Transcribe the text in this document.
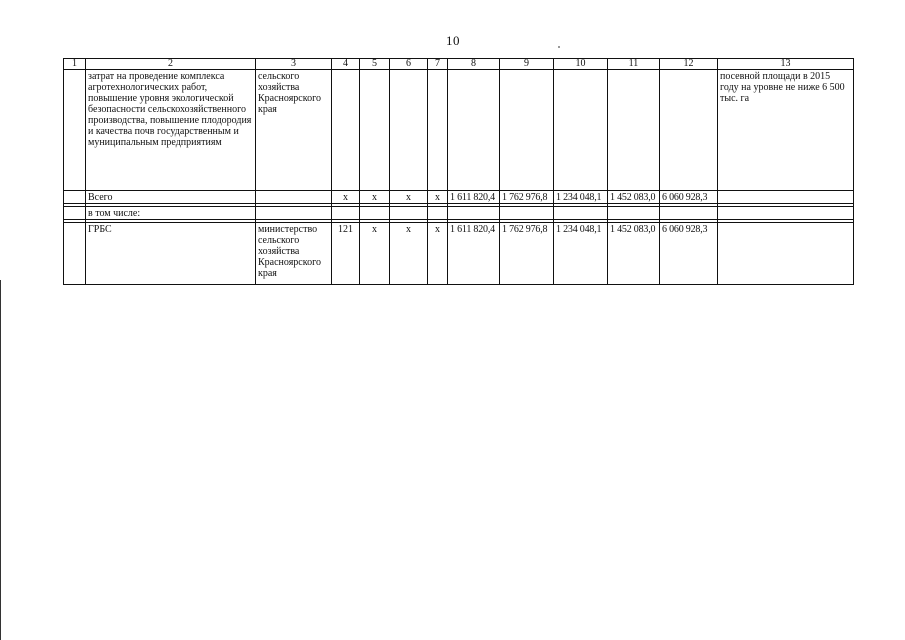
10
1	2	3	4	5	6	7	8	9	10	11	12	13
	затрат на проведение комплекса агротехнологических работ, повышение уровня экологической безопасности сельскохозяйственного производства, повышение плодородия и качества почв государственным и муниципальным предприятиям	сельского хозяйства Красноярского края										посевной площади в 2015 году на уровне не ниже 6 500 тыс. га
	Всего		х	х	х	х	1 611 820,4	1 762 976,8	1 234 048,1	1 452 083,0	6 060 928,3	

	в том числе:											

	ГРБС	министерство сельского хозяйства Красноярского края	121	х	х	х	1 611 820,4	1 762 976,8	1 234 048,1	1 452 083,0	6 060 928,3	
